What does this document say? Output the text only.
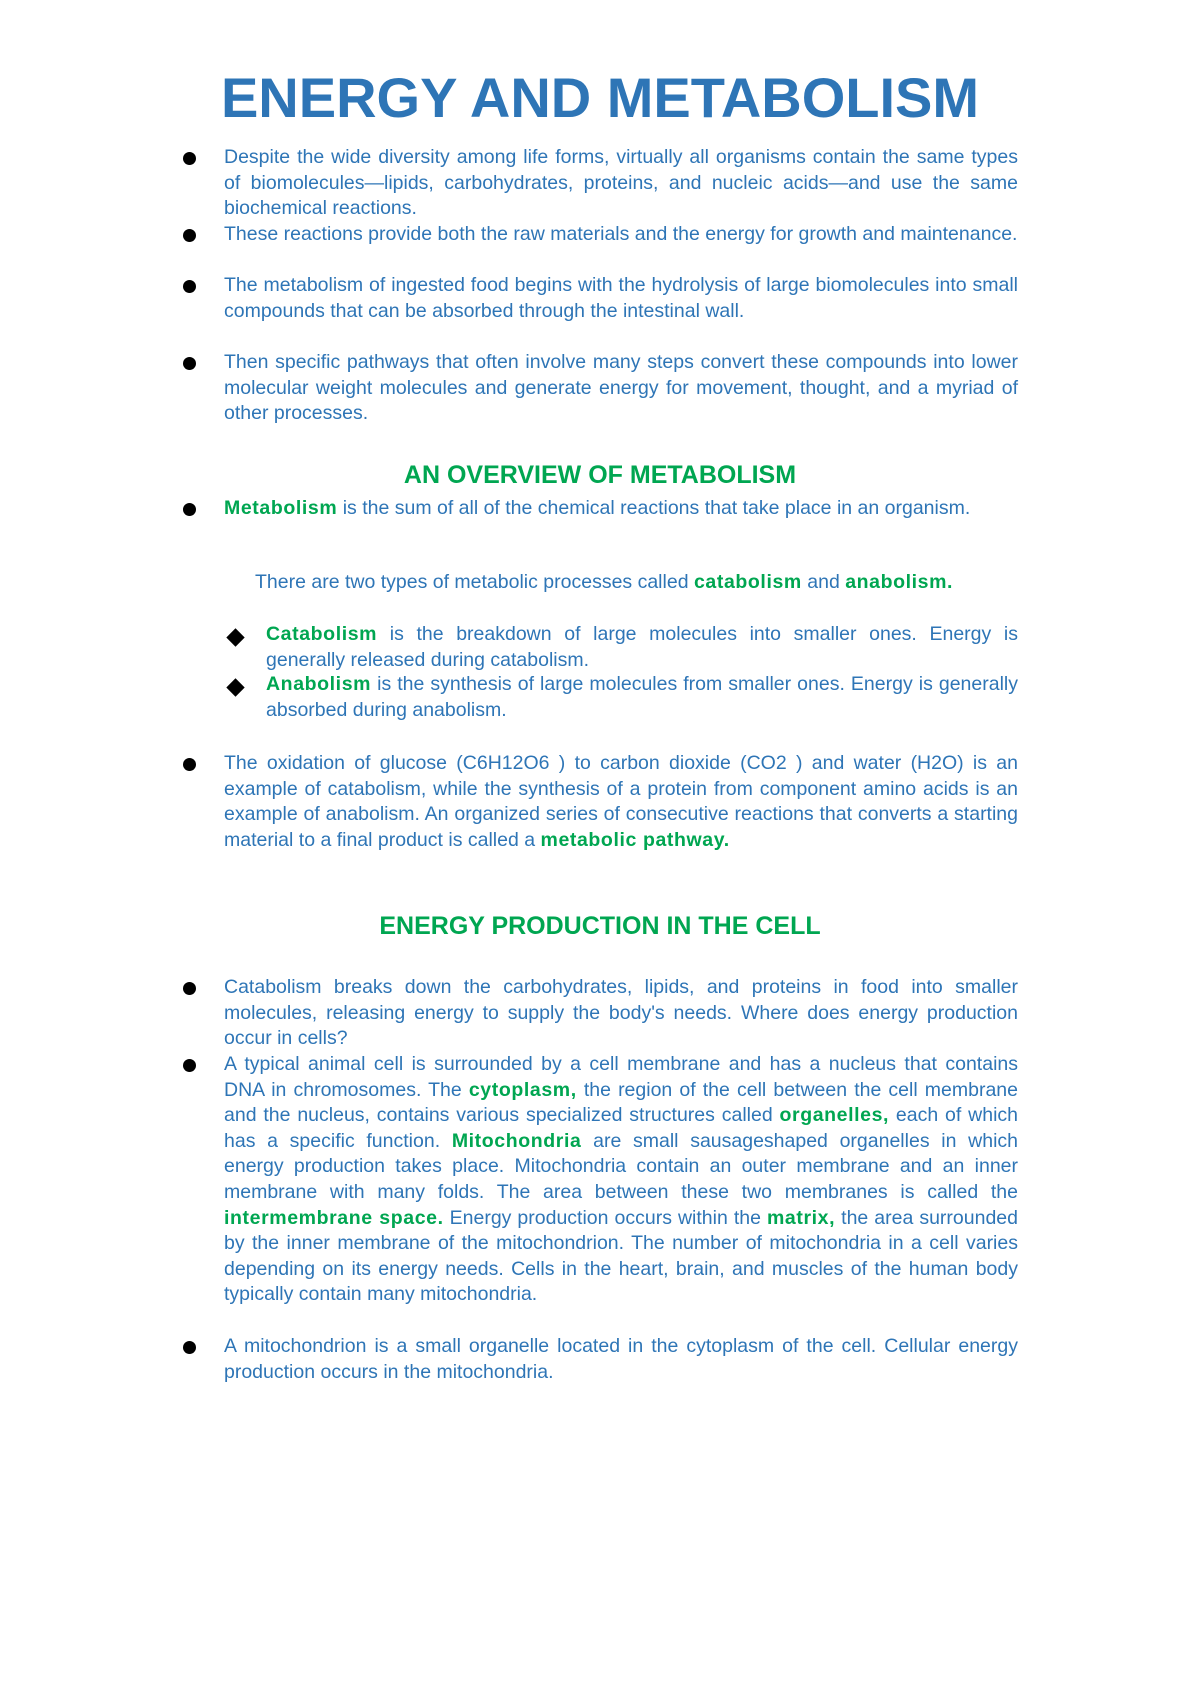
ENERGY AND METABOLISM

Despite the wide diversity among life forms, virtually all organisms contain the same types of biomolecules—lipids, carbohydrates, proteins, and nucleic acids—and use the same biochemical reactions.

These reactions provide both the raw materials and the energy for growth and maintenance.

The metabolism of ingested food begins with the hydrolysis of large biomolecules into small compounds that can be absorbed through the intestinal wall.

Then specific pathways that often involve many steps convert these compounds into lower molecular weight molecules and generate energy for movement, thought, and a myriad of other processes.

AN OVERVIEW OF METABOLISM

Metabolism is the sum of all of the chemical reactions that take place in an organism.

There are two types of metabolic processes called catabolism and anabolism.

Catabolism is the breakdown of large molecules into smaller ones. Energy is generally released during catabolism.

Anabolism is the synthesis of large molecules from smaller ones. Energy is generally absorbed during anabolism.

The oxidation of glucose (C6H12O6 ) to carbon dioxide (CO2 ) and water (H2O) is an example of catabolism, while the synthesis of a protein from component amino acids is an example of anabolism. An organized series of consecutive reactions that converts a starting material to a final product is called a metabolic pathway.

ENERGY PRODUCTION IN THE CELL

Catabolism breaks down the carbohydrates, lipids, and proteins in food into smaller molecules, releasing energy to supply the body's needs. Where does energy production occur in cells?

A typical animal cell is surrounded by a cell membrane and has a nucleus that contains DNA in chromosomes. The cytoplasm, the region of the cell between the cell membrane and the nucleus, contains various specialized structures called organelles, each of which has a specific function. Mitochondria are small sausageshaped organelles in which energy production takes place. Mitochondria contain an outer membrane and an inner membrane with many folds. The area between these two membranes is called the intermembrane space. Energy production occurs within the matrix, the area surrounded by the inner membrane of the mitochondrion. The number of mitochondria in a cell varies depending on its energy needs. Cells in the heart, brain, and muscles of the human body typically contain many mitochondria.

A mitochondrion is a small organelle located in the cytoplasm of the cell. Cellular energy production occurs in the mitochondria.
